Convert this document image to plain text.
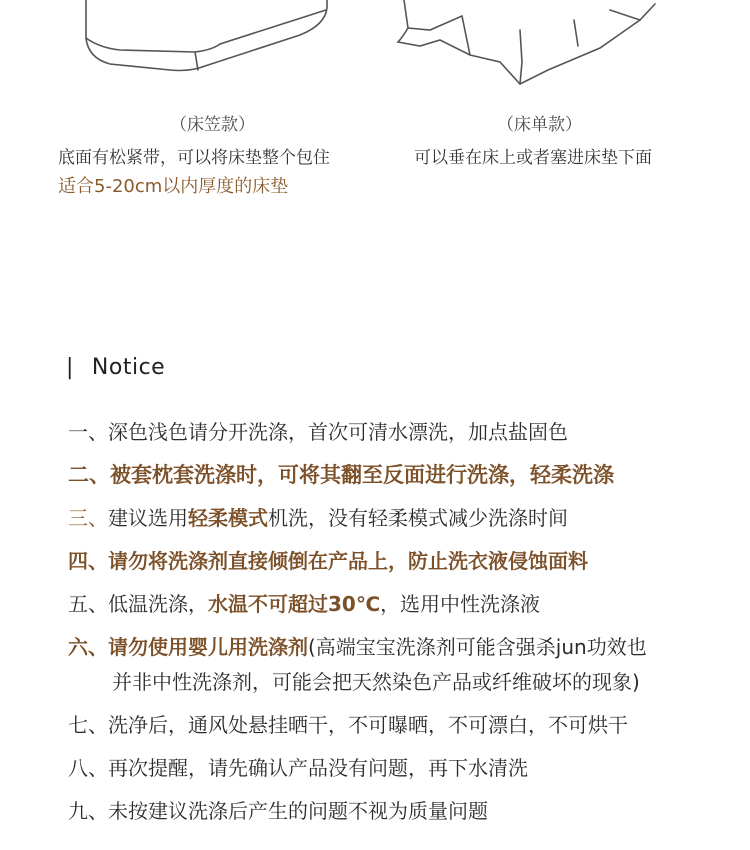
（床笠款）
底面有松紧带，可以将床垫整个包住
适合5-20cm以内厚度的床垫
（床单款）
可以垂在床上或者塞进床垫下面
| Notice
一、深色浅色请分开洗涤，首次可清水漂洗，加点盐固色
二、被套枕套洗涤时，可将其翻至反面进行洗涤，轻柔洗涤
三、建议选用轻柔模式机洗，没有轻柔模式减少洗涤时间
四、请勿将洗涤剂直接倾倒在产品上，防止洗衣液侵蚀面料
五、低温洗涤，水温不可超过30℃，选用中性洗涤液
六、请勿使用婴儿用洗涤剂(高端宝宝洗涤剂可能含强杀jun功效也
并非中性洗涤剂，可能会把天然染色产品或纤维破坏的现象)
七、洗净后，通风处悬挂晒干，不可曝晒，不可漂白，不可烘干
八、再次提醒，请先确认产品没有问题，再下水清洗
九、未按建议洗涤后产生的问题不视为质量问题
